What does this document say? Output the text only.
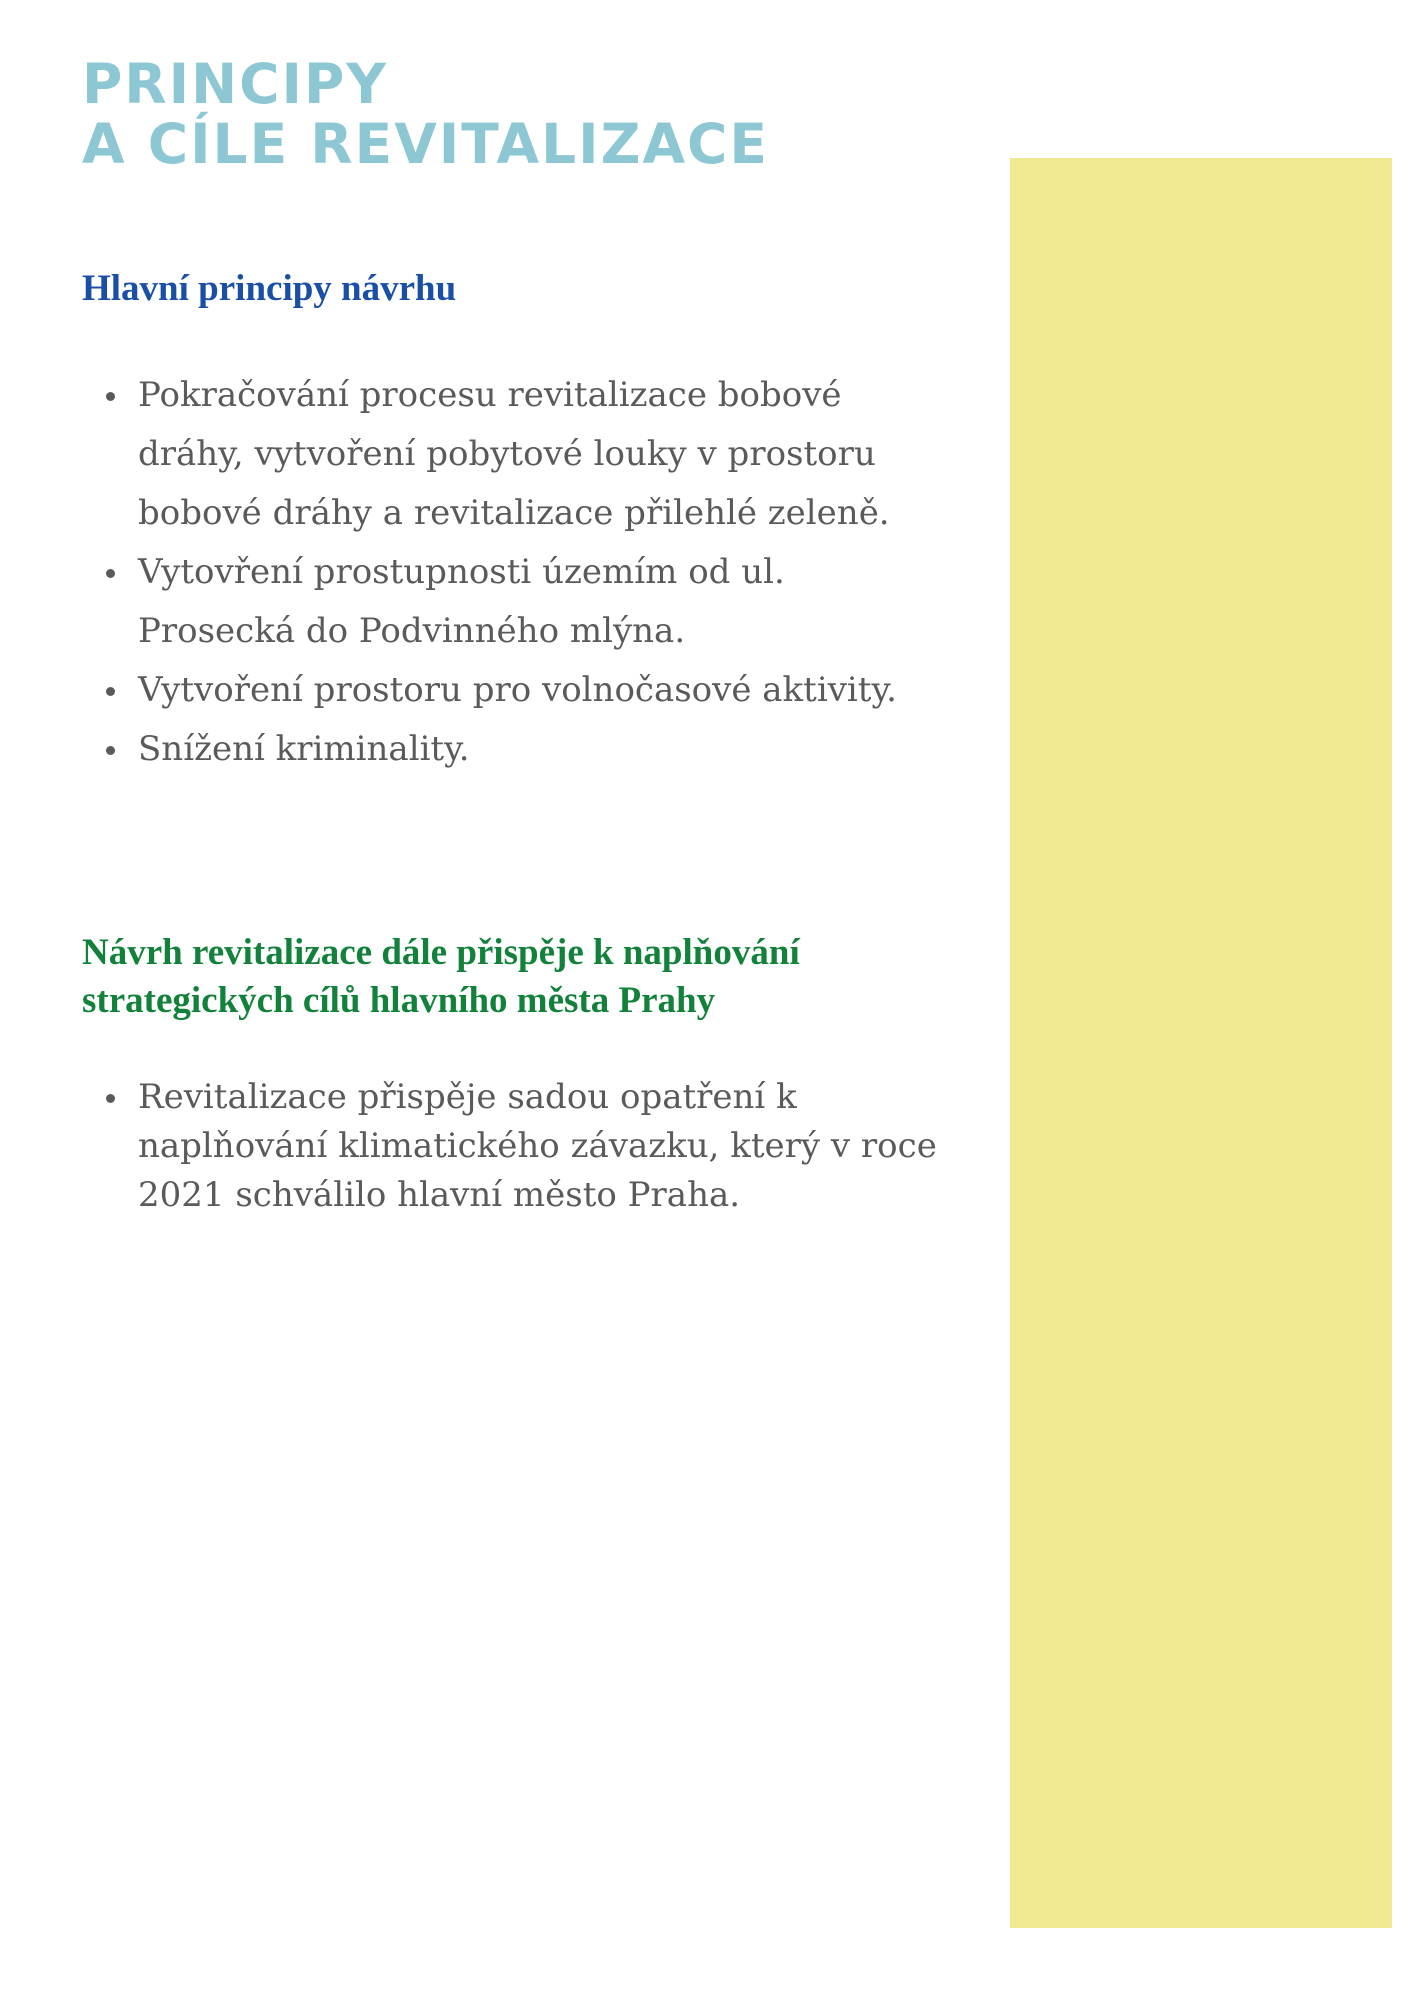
PRINCIPY
A CÍLE REVITALIZACE
Hlavní principy návrhu
Pokračování procesu revitalizace bobové
dráhy, vytvoření pobytové louky v prostoru
bobové dráhy a revitalizace přilehlé zeleně.
Vytovření prostupnosti územím od ul.
Prosecká do Podvinného mlýna.
Vytvoření prostoru pro volnočasové aktivity.
Snížení kriminality.
Návrh revitalizace dále přispěje k naplňování
strategických cílů hlavního města Prahy
Revitalizace přispěje sadou opatření k
naplňování klimatického závazku, který v roce
2021 schválilo hlavní město Praha.
